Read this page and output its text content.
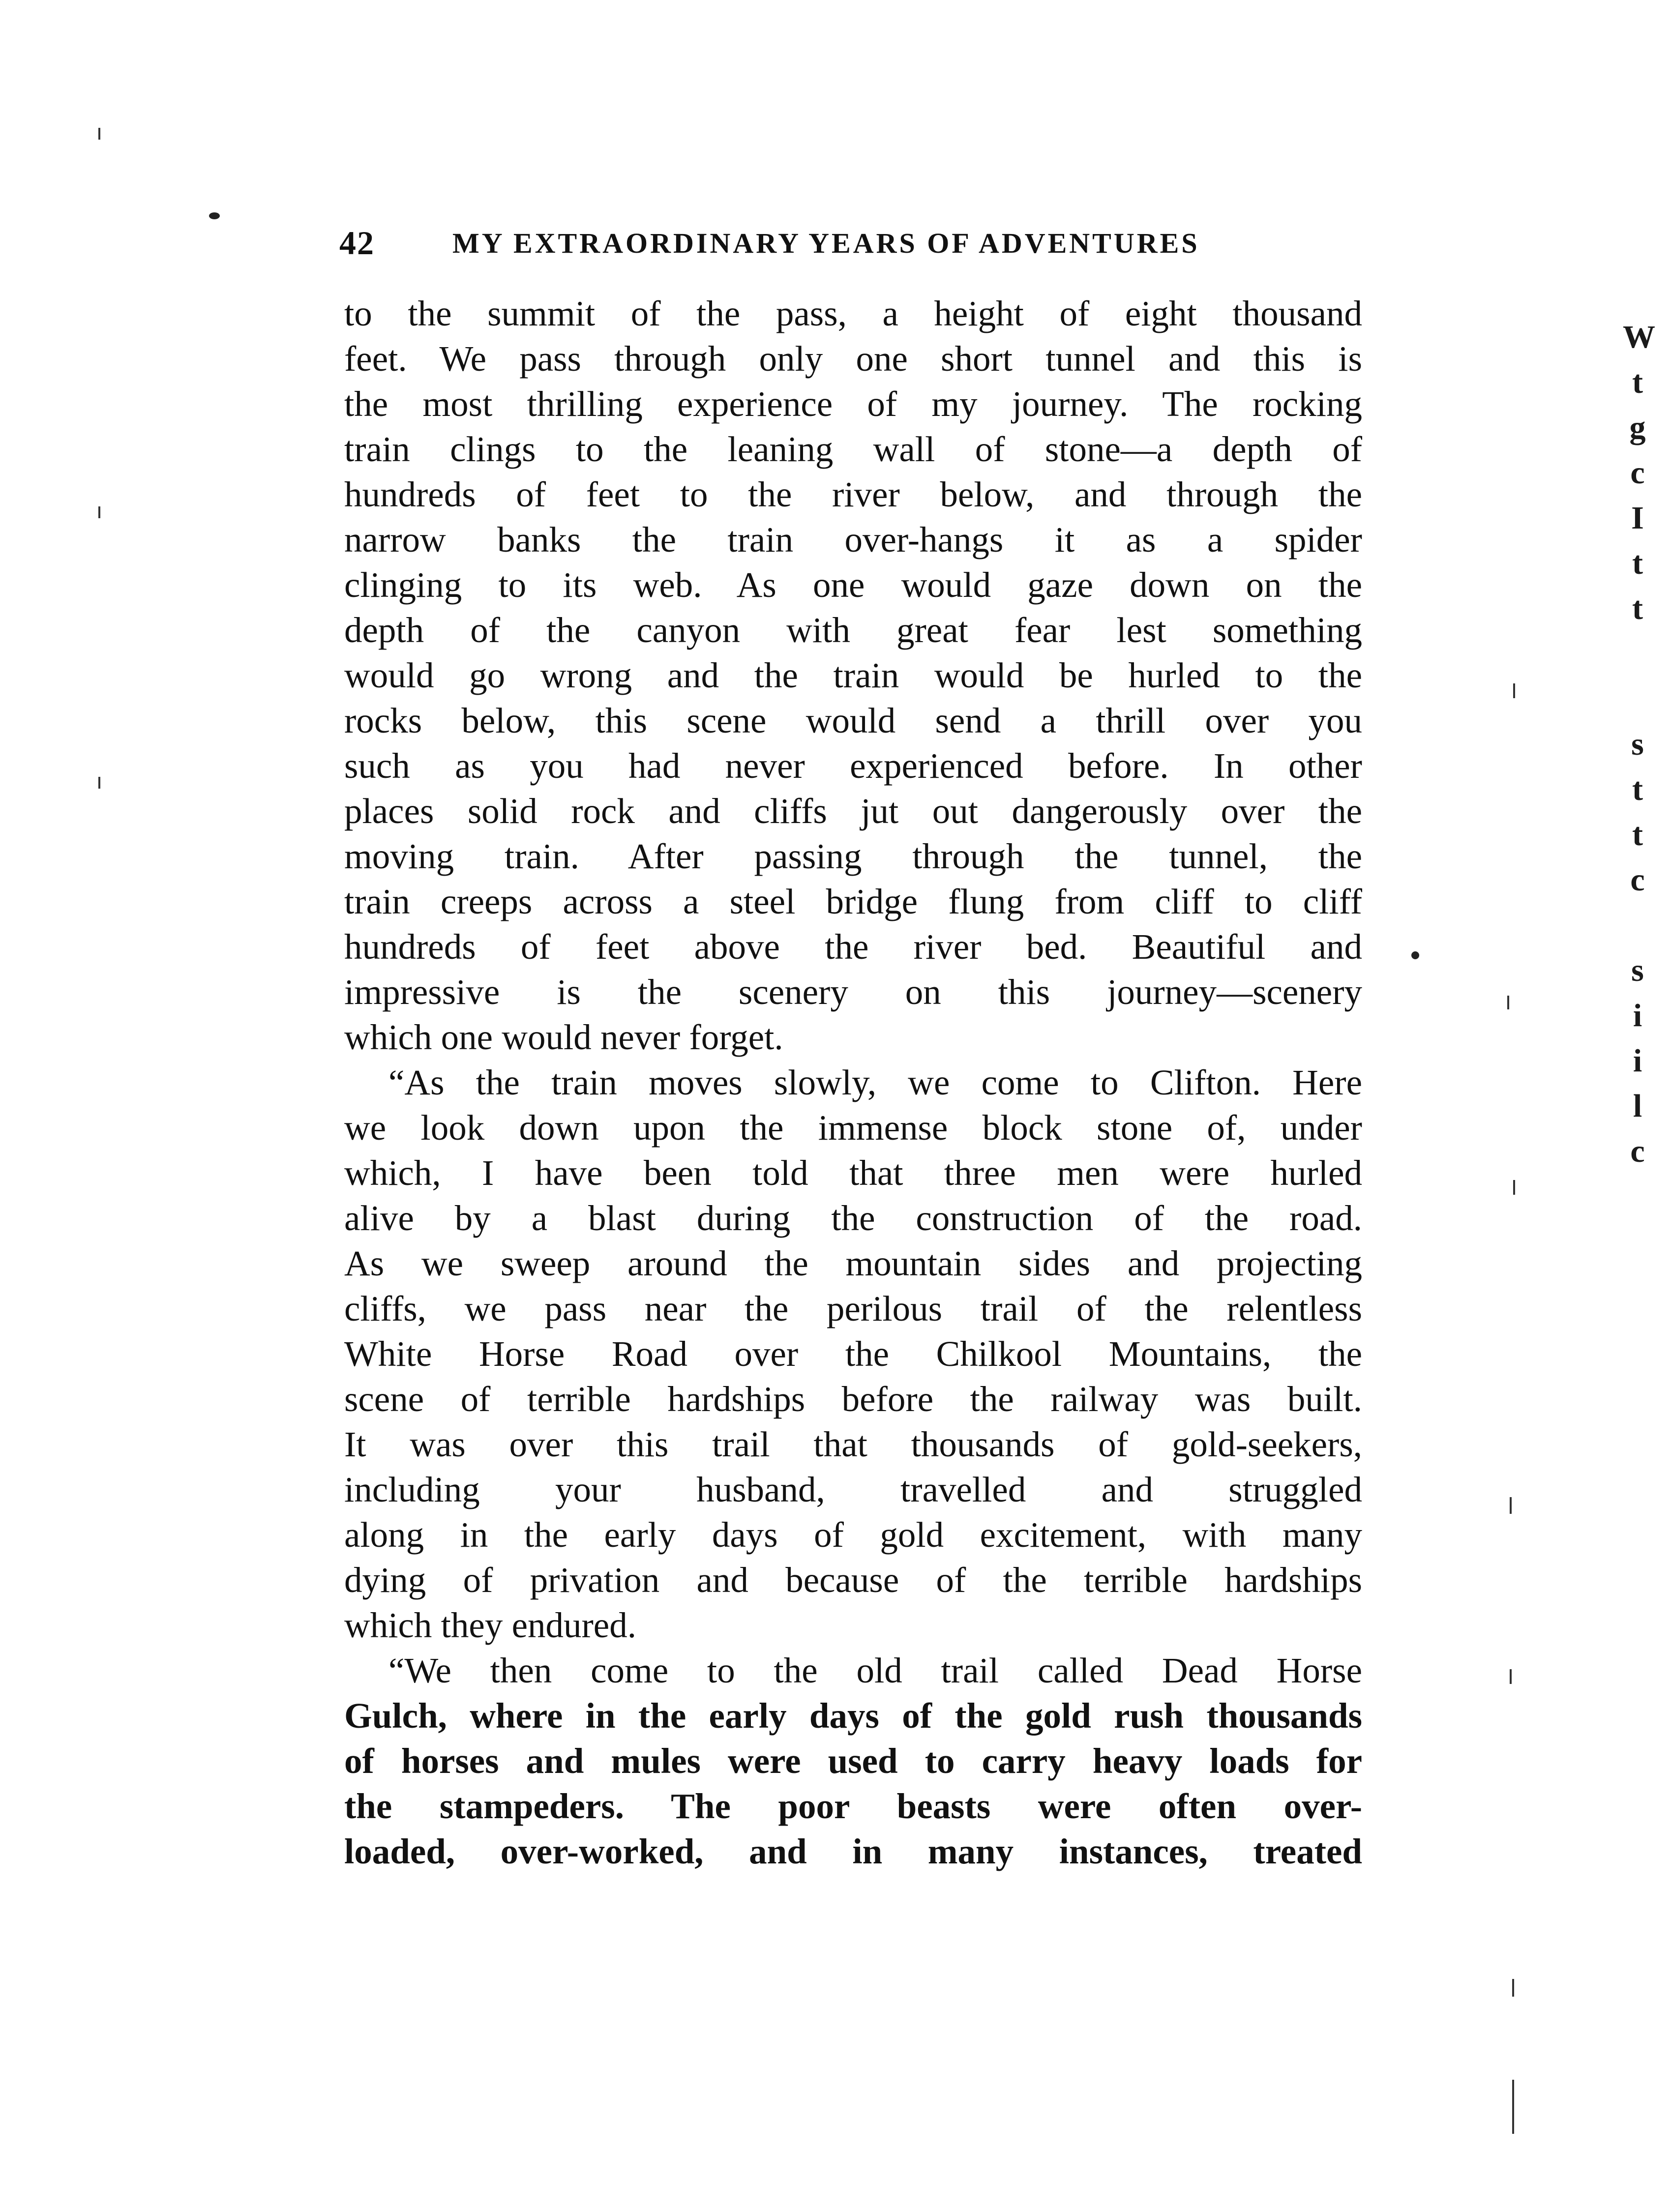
42	MY EXTRAORDINARY YEARS OF ADVENTURES
to the summit of the pass, a height of eight thousand
feet. We pass through only one short tunnel and this is
the most thrilling experience of my journey. The rocking
train clings to the leaning wall of stone—a depth of
hundreds of feet to the river below, and through the
narrow banks the train over-hangs it as a spider
clinging to its web. As one would gaze down on the
depth of the canyon with great fear lest something
would go wrong and the train would be hurled to the
rocks below, this scene would send a thrill over you
such as you had never experienced before. In other
places solid rock and cliffs jut out dangerously over the
moving train. After passing through the tunnel, the
train creeps across a steel bridge flung from cliff to cliff
hundreds of feet above the river bed. Beautiful and
impressive is the scenery on this journey—scenery
which one would never forget.
“As the train moves slowly, we come to Clifton. Here
we look down upon the immense block stone of, under
which, I have been told that three men were hurled
alive by a blast during the construction of the road.
As we sweep around the mountain sides and projecting
cliffs, we pass near the perilous trail of the relentless
White Horse Road over the Chilkool Mountains, the
scene of terrible hardships before the railway was built.
It was over this trail that thousands of gold-seekers,
including your husband, travelled and struggled
along in the early days of gold excitement, with many
dying of privation and because of the terrible hardships
which they endured.
“We then come to the old trail called Dead Horse
Gulch, where in the early days of the gold rush thousands
of horses and mules were used to carry heavy loads for
the stampeders. The poor beasts were often over-
loaded, over-worked, and in many instances, treated
W
t
g
c
I
t
t
s
t
t
c
s
i
i
l
c
